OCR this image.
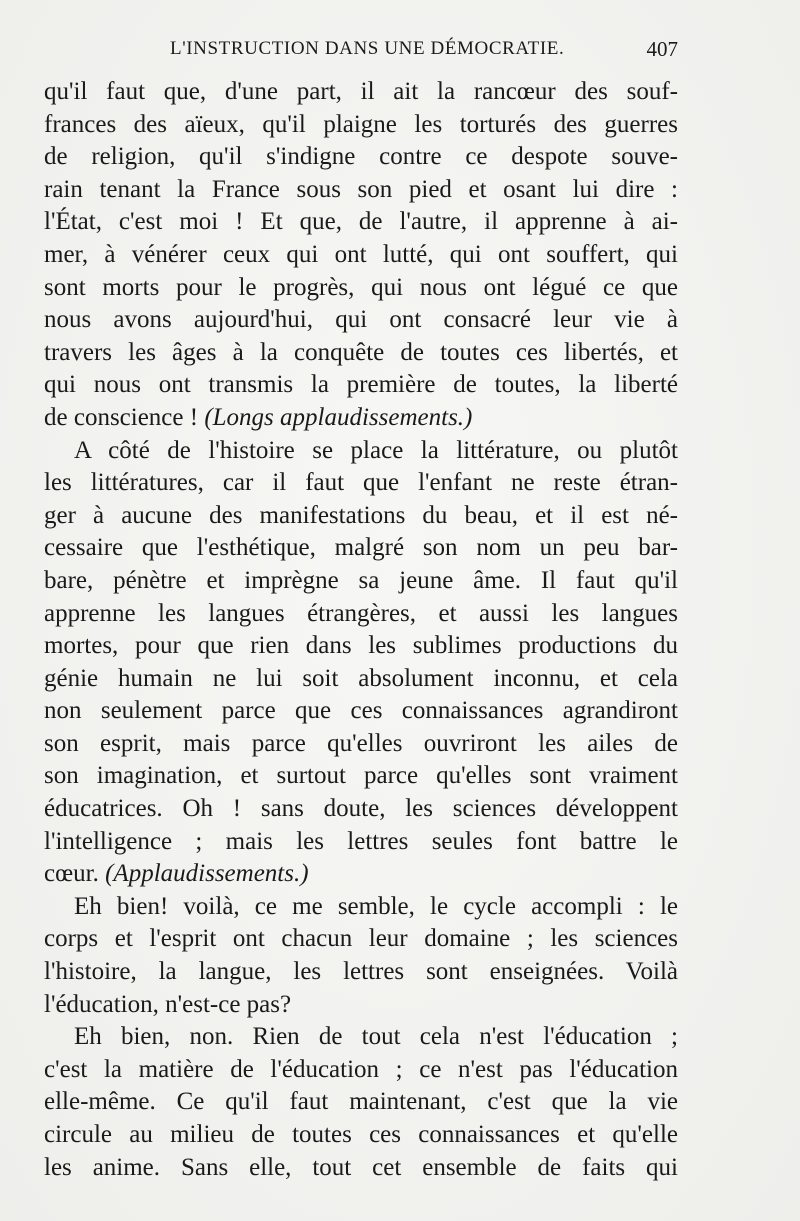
L'INSTRUCTION DANS UNE DÉMOCRATIE.	407
qu'il faut que, d'une part, il ait la rancœur des souf-
frances des aïeux, qu'il plaigne les torturés des guerres
de religion, qu'il s'indigne contre ce despote souve-
rain tenant la France sous son pied et osant lui dire :
l'État, c'est moi ! Et que, de l'autre, il apprenne à ai-
mer, à vénérer ceux qui ont lutté, qui ont souffert, qui
sont morts pour le progrès, qui nous ont légué ce que
nous avons aujourd'hui, qui ont consacré leur vie à
travers les âges à la conquête de toutes ces libertés, et
qui nous ont transmis la première de toutes, la liberté
de conscience ! (Longs applaudissements.)
A côté de l'histoire se place la littérature, ou plutôt
les littératures, car il faut que l'enfant ne reste étran-
ger à aucune des manifestations du beau, et il est né-
cessaire que l'esthétique, malgré son nom un peu bar-
bare, pénètre et imprègne sa jeune âme. Il faut qu'il
apprenne les langues étrangères, et aussi les langues
mortes, pour que rien dans les sublimes productions du
génie humain ne lui soit absolument inconnu, et cela
non seulement parce que ces connaissances agrandiront
son esprit, mais parce qu'elles ouvriront les ailes de
son imagination, et surtout parce qu'elles sont vraiment
éducatrices. Oh ! sans doute, les sciences développent
l'intelligence ; mais les lettres seules font battre le
cœur. (Applaudissements.)
Eh bien! voilà, ce me semble, le cycle accompli : le
corps et l'esprit ont chacun leur domaine ; les sciences
l'histoire, la langue, les lettres sont enseignées. Voilà
l'éducation, n'est-ce pas?
Eh bien, non. Rien de tout cela n'est l'éducation ;
c'est la matière de l'éducation ; ce n'est pas l'éducation
elle-même. Ce qu'il faut maintenant, c'est que la vie
circule au milieu de toutes ces connaissances et qu'elle
les anime. Sans elle, tout cet ensemble de faits qui
